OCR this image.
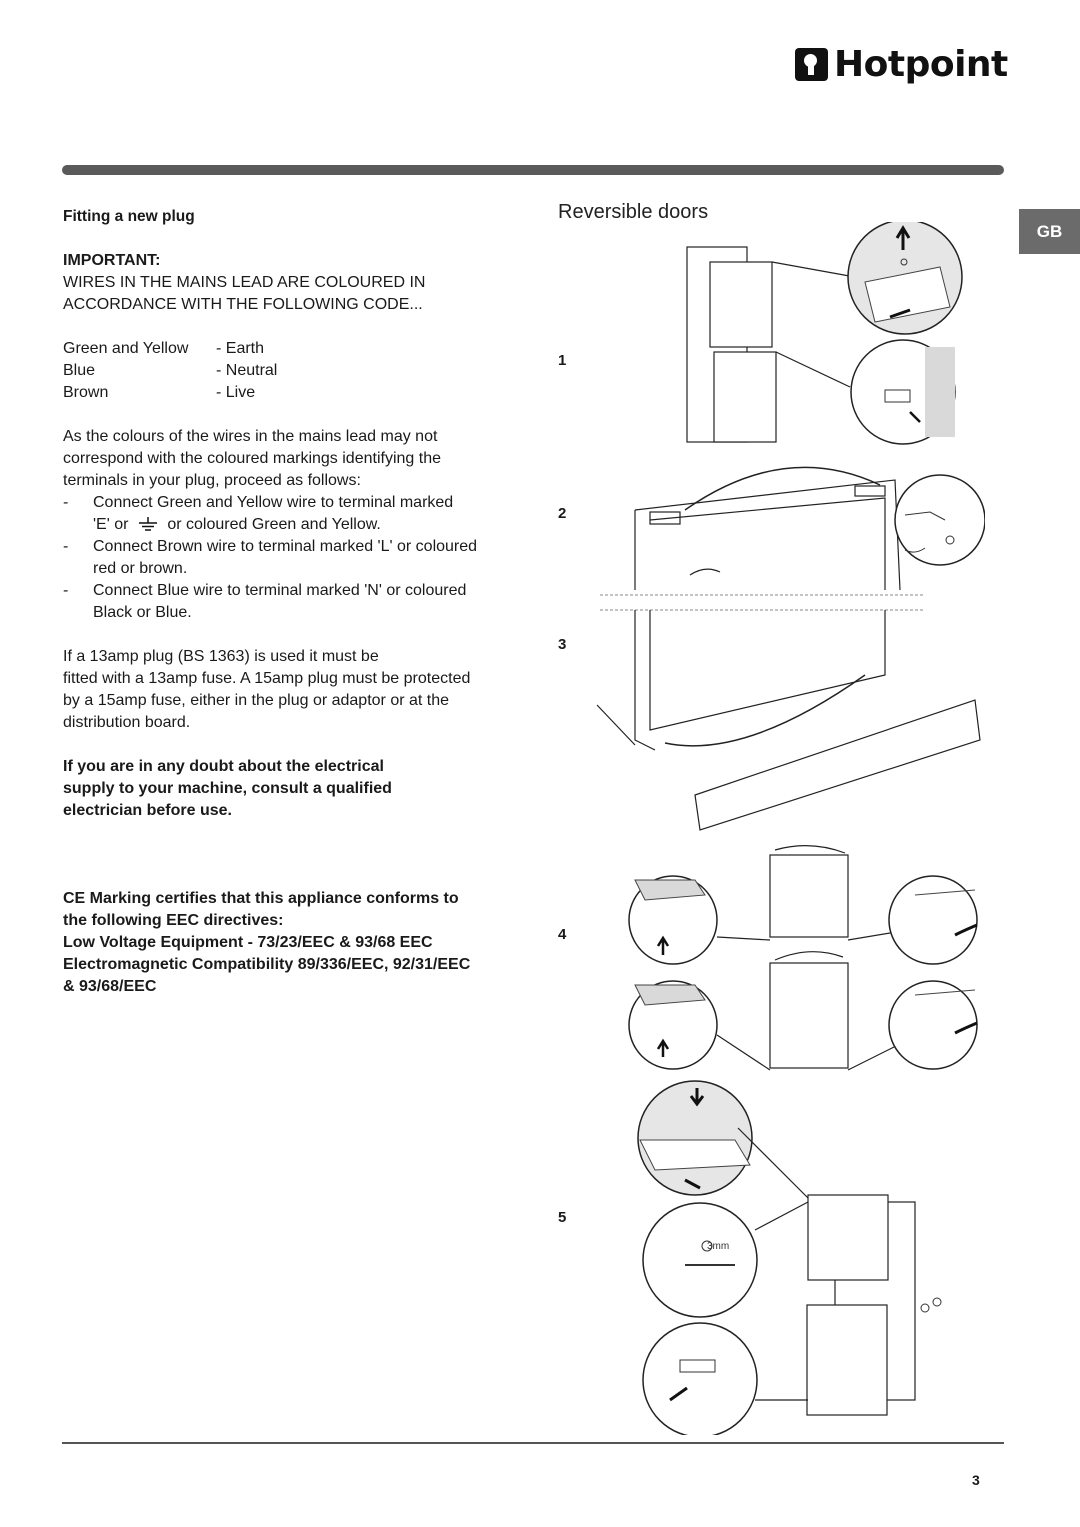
Hotpoint
GB

Fitting a new plug

IMPORTANT:

WIRES IN THE MAINS LEAD ARE COLOURED IN

ACCORDANCE WITH THE FOLLOWING CODE...

Green and Yellow	- Earth
Blue	- Neutral
Brown	- Live

As the colours of the wires in the mains lead may not

correspond with the coloured markings identifying the

terminals in your plug, proceed as follows:

-	Connect Green and Yellow wire to terminal marked

'E' or or coloured Green and Yellow.

-	Connect Brown wire to terminal marked 'L' or coloured

red or brown.

-	Connect Blue wire to terminal marked 'N' or coloured

Black or Blue.

If a 13amp plug (BS 1363) is used it must be

fitted with a 13amp fuse. A 15amp plug must be protected

by a 15amp fuse, either in the plug or adaptor or at the

distribution board.

If you are in any doubt about the electrical

supply to your machine, consult a qualified

electrician before use.

CE Marking certifies that this appliance conforms to

the following EEC directives:

Low Voltage Equipment - 73/23/EEC & 93/68 EEC

Electromagnetic Compatibility 89/336/EEC, 92/31/EEC

& 93/68/EEC

Reversible doors
1
2
3
4
5
3mm
3
